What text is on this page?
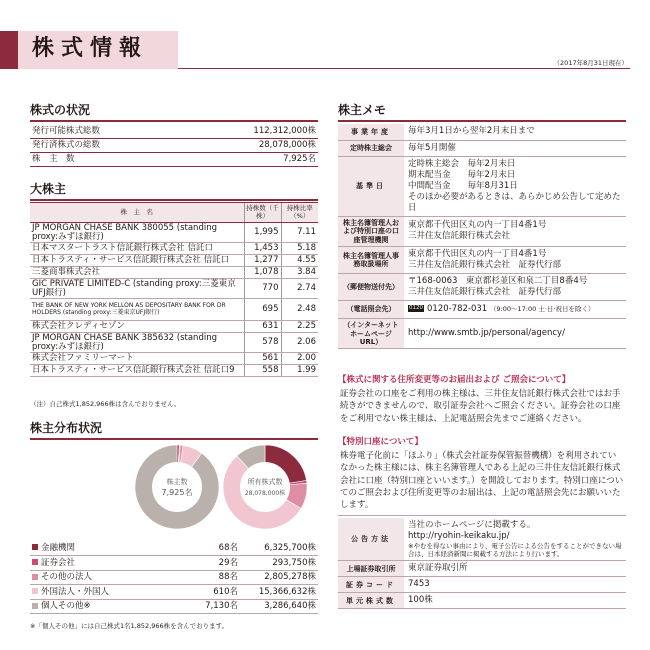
株式情報
（2017年8月31日現在）
株式の状況
発行可能株式総数	112,312,000株
発行済株式の総数	28,078,000株
株　主　数	7,925名
大株主
株　主　名	持株数（千株）	持株比率（%）
JP MORGAN CHASE BANK 380055 (standing proxy:みずほ銀行)	1,995	7.11
日本マスタートラスト信託銀行株式会社 信託口	1,453	5.18
日本トラスティ・サービス信託銀行株式会社 信託口	1,277	4.55
三菱商事株式会社	1,078	3.84
GIC PRIVATE LIMITED-C (standing proxy:三菱東京UFJ銀行)	770	2.74
THE BANK OF NEW YORK MELLON AS DEPOSITARY BANK FOR DR HOLDERS (standing proxy:三菱東京UFJ銀行)	695	2.48
株式会社クレディセゾン	631	2.25
JP MORGAN CHASE BANK 385632 (standing proxy:みずほ銀行)	578	2.06
株式会社ファミリーマート	561	2.00
日本トラスティ・サービス信託銀行株式会社 信託口9	558	1.99
（注）自己株式1,852,966株は含んでおりません。
株主分布状況
株主数
7,925名
所有株式数
28,078,000株
金融機関	68名	6,325,700株
証券会社	29名	293,750株
その他の法人	88名	2,805,278株
外国法人・外国人	610名	15,366,632株
個人その他※	7,130名	3,286,640株
※「個人その他」には自己株式1名1,852,966株を含んでおります。
株主メモ
事業年度	毎年3月1日から翌年2月末日まで
定時株主総会	毎年5月開催
基準日	定時株主総会　毎年2月末日
期末配当金　　毎年2月末日
中間配当金　　毎年8月31日
そのほか必要があるときは、あらかじめ公告して定めた日

株主名簿管理人および特別口座の口座管理機関	東京都千代田区丸の内一丁目4番1号
三井住友信託銀行株式会社

株主名簿管理人事務取扱場所	東京都千代田区丸の内一丁目4番1号
三井住友信託銀行株式会社　証券代行部

（郵便物送付先）	〒168-0063　東京都杉並区和泉二丁目8番4号
三井住友信託銀行株式会社　証券代行部

（電話照会先）	0120 0120-782-031 （9:00〜17:00 土·日·祝日を除く）
（インターネットホームページURL）	http://www.smtb.jp/personal/agency/
【株式に関する住所変更等のお届出および ご照会について】
証券会社の口座をご利用の株主様は、三井住友信託銀行株式会社ではお手続きができませんので、取引証券会社へご照会ください。証券会社の口座をご利用でない株主様は、上記電話照会先までご連絡ください。
【特別口座について】
株券電子化前に「ほふり」（株式会社証券保管振替機構）を利用されていなかった株主様には、株主名簿管理人である上記の三井住友信託銀行株式会社に口座（特別口座といいます。）を開設しております。特別口座についてのご照会および住所変更等のお届出は、上記の電話照会先にお願いいたします。
公告方法	当社のホームページに掲載する。
http://ryohin-keikaku.jp/
※やむを得ない事由により、電子公告による公告をすることができない場合は、日本経済新聞に掲載する方法により行います。

上場証券取引所	東京証券取引所
証券コード	7453
単元株式数	100株
